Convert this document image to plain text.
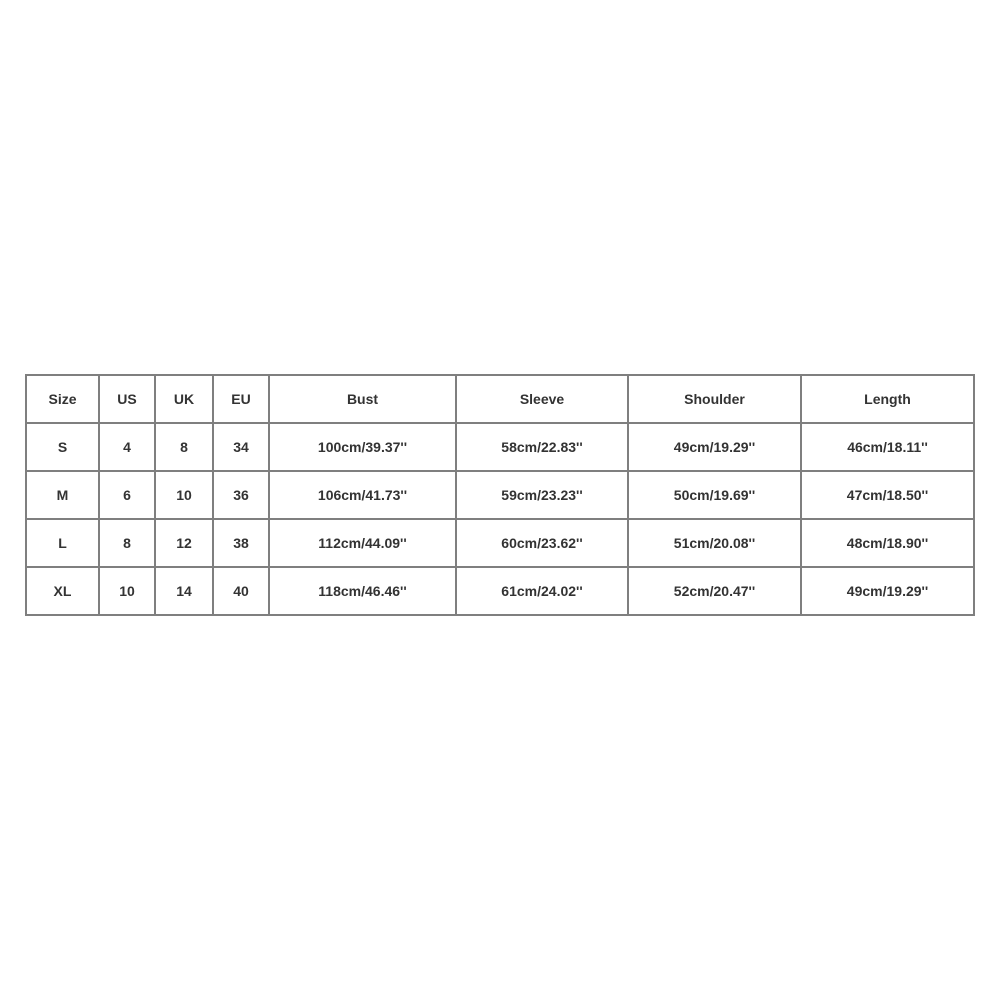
Size	US	UK	EU	Bust	Sleeve	Shoulder	Length
S	4	8	34	100cm/39.37''	58cm/22.83''	49cm/19.29''	46cm/18.11''
M	6	10	36	106cm/41.73''	59cm/23.23''	50cm/19.69''	47cm/18.50''
L	8	12	38	112cm/44.09''	60cm/23.62''	51cm/20.08''	48cm/18.90''
XL	10	14	40	118cm/46.46''	61cm/24.02''	52cm/20.47''	49cm/19.29''
